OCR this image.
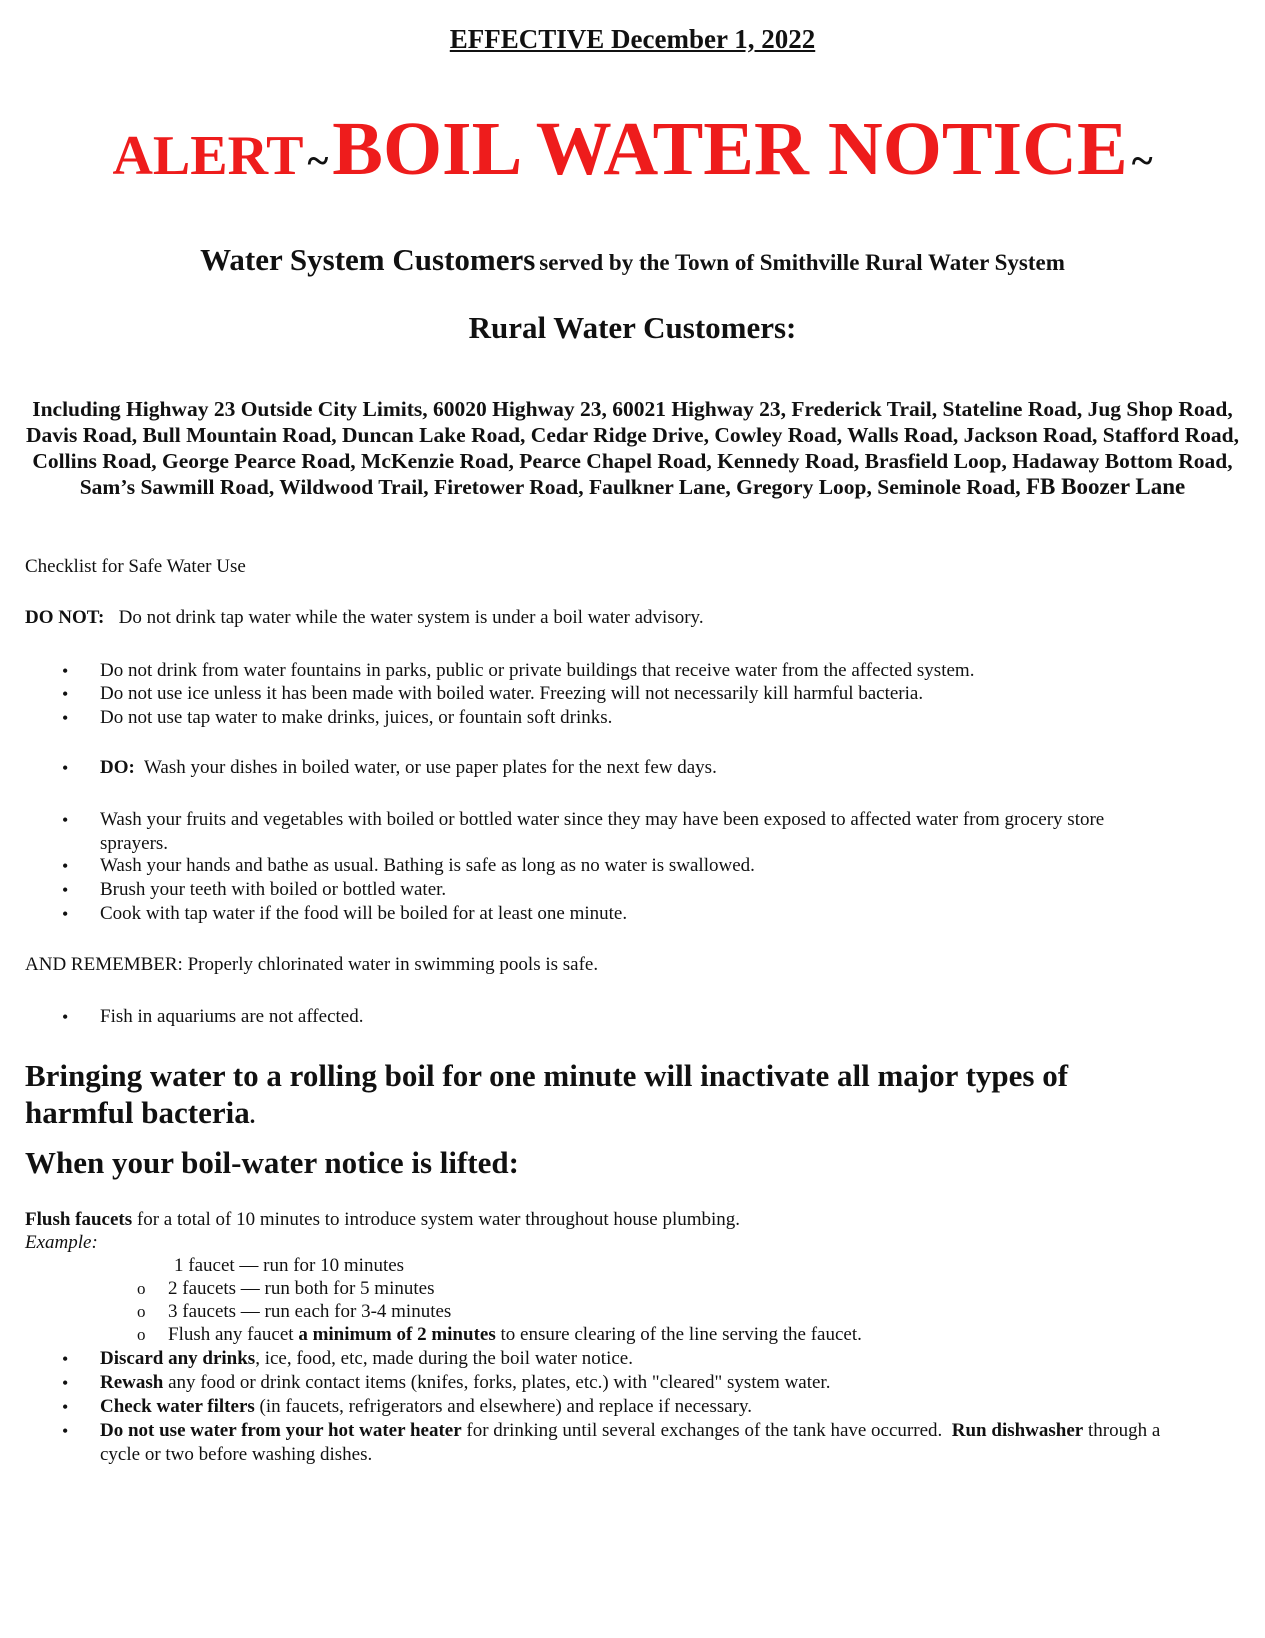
EFFECTIVE December 1, 2022
ALERT ~ BOIL WATER NOTICE ~
Water System Customers served by the Town of Smithville Rural Water System
Rural Water Customers:
Including Highway 23 Outside City Limits, 60020 Highway 23, 60021 Highway 23, Frederick Trail, Stateline Road, Jug Shop Road, Davis Road, Bull Mountain Road, Duncan Lake Road, Cedar Ridge Drive, Cowley Road, Walls Road, Jackson Road, Stafford Road, Collins Road, George Pearce Road, McKenzie Road, Pearce Chapel Road, Kennedy Road, Brasfield Loop, Hadaway Bottom Road, Sam’s Sawmill Road, Wildwood Trail, Firetower Road, Faulkner Lane, Gregory Loop, Seminole Road, FB Boozer Lane
Checklist for Safe Water Use
DO NOT: Do not drink tap water while the water system is under a boil water advisory.
• Do not drink from water fountains in parks, public or private buildings that receive water from the affected system.
• Do not use ice unless it has been made with boiled water. Freezing will not necessarily kill harmful bacteria.
• Do not use tap water to make drinks, juices, or fountain soft drinks.
• DO: Wash your dishes in boiled water, or use paper plates for the next few days.
• Wash your fruits and vegetables with boiled or bottled water since they may have been exposed to affected water from grocery store sprayers.
• Wash your hands and bathe as usual. Bathing is safe as long as no water is swallowed.
• Brush your teeth with boiled or bottled water.
• Cook with tap water if the food will be boiled for at least one minute.
AND REMEMBER: Properly chlorinated water in swimming pools is safe.
• Fish in aquariums are not affected.
Bringing water to a rolling boil for one minute will inactivate all major types of harmful bacteria.
When your boil-water notice is lifted:
Flush faucets for a total of 10 minutes to introduce system water throughout house plumbing.
Example:
1 faucet — run for 10 minutes
o 2 faucets — run both for 5 minutes
o 3 faucets — run each for 3-4 minutes
o Flush any faucet a minimum of 2 minutes to ensure clearing of the line serving the faucet.
• Discard any drinks, ice, food, etc, made during the boil water notice.
• Rewash any food or drink contact items (knifes, forks, plates, etc.) with "cleared" system water.
• Check water filters (in faucets, refrigerators and elsewhere) and replace if necessary.
• Do not use water from your hot water heater for drinking until several exchanges of the tank have occurred. Run dishwasher through a cycle or two before washing dishes.
